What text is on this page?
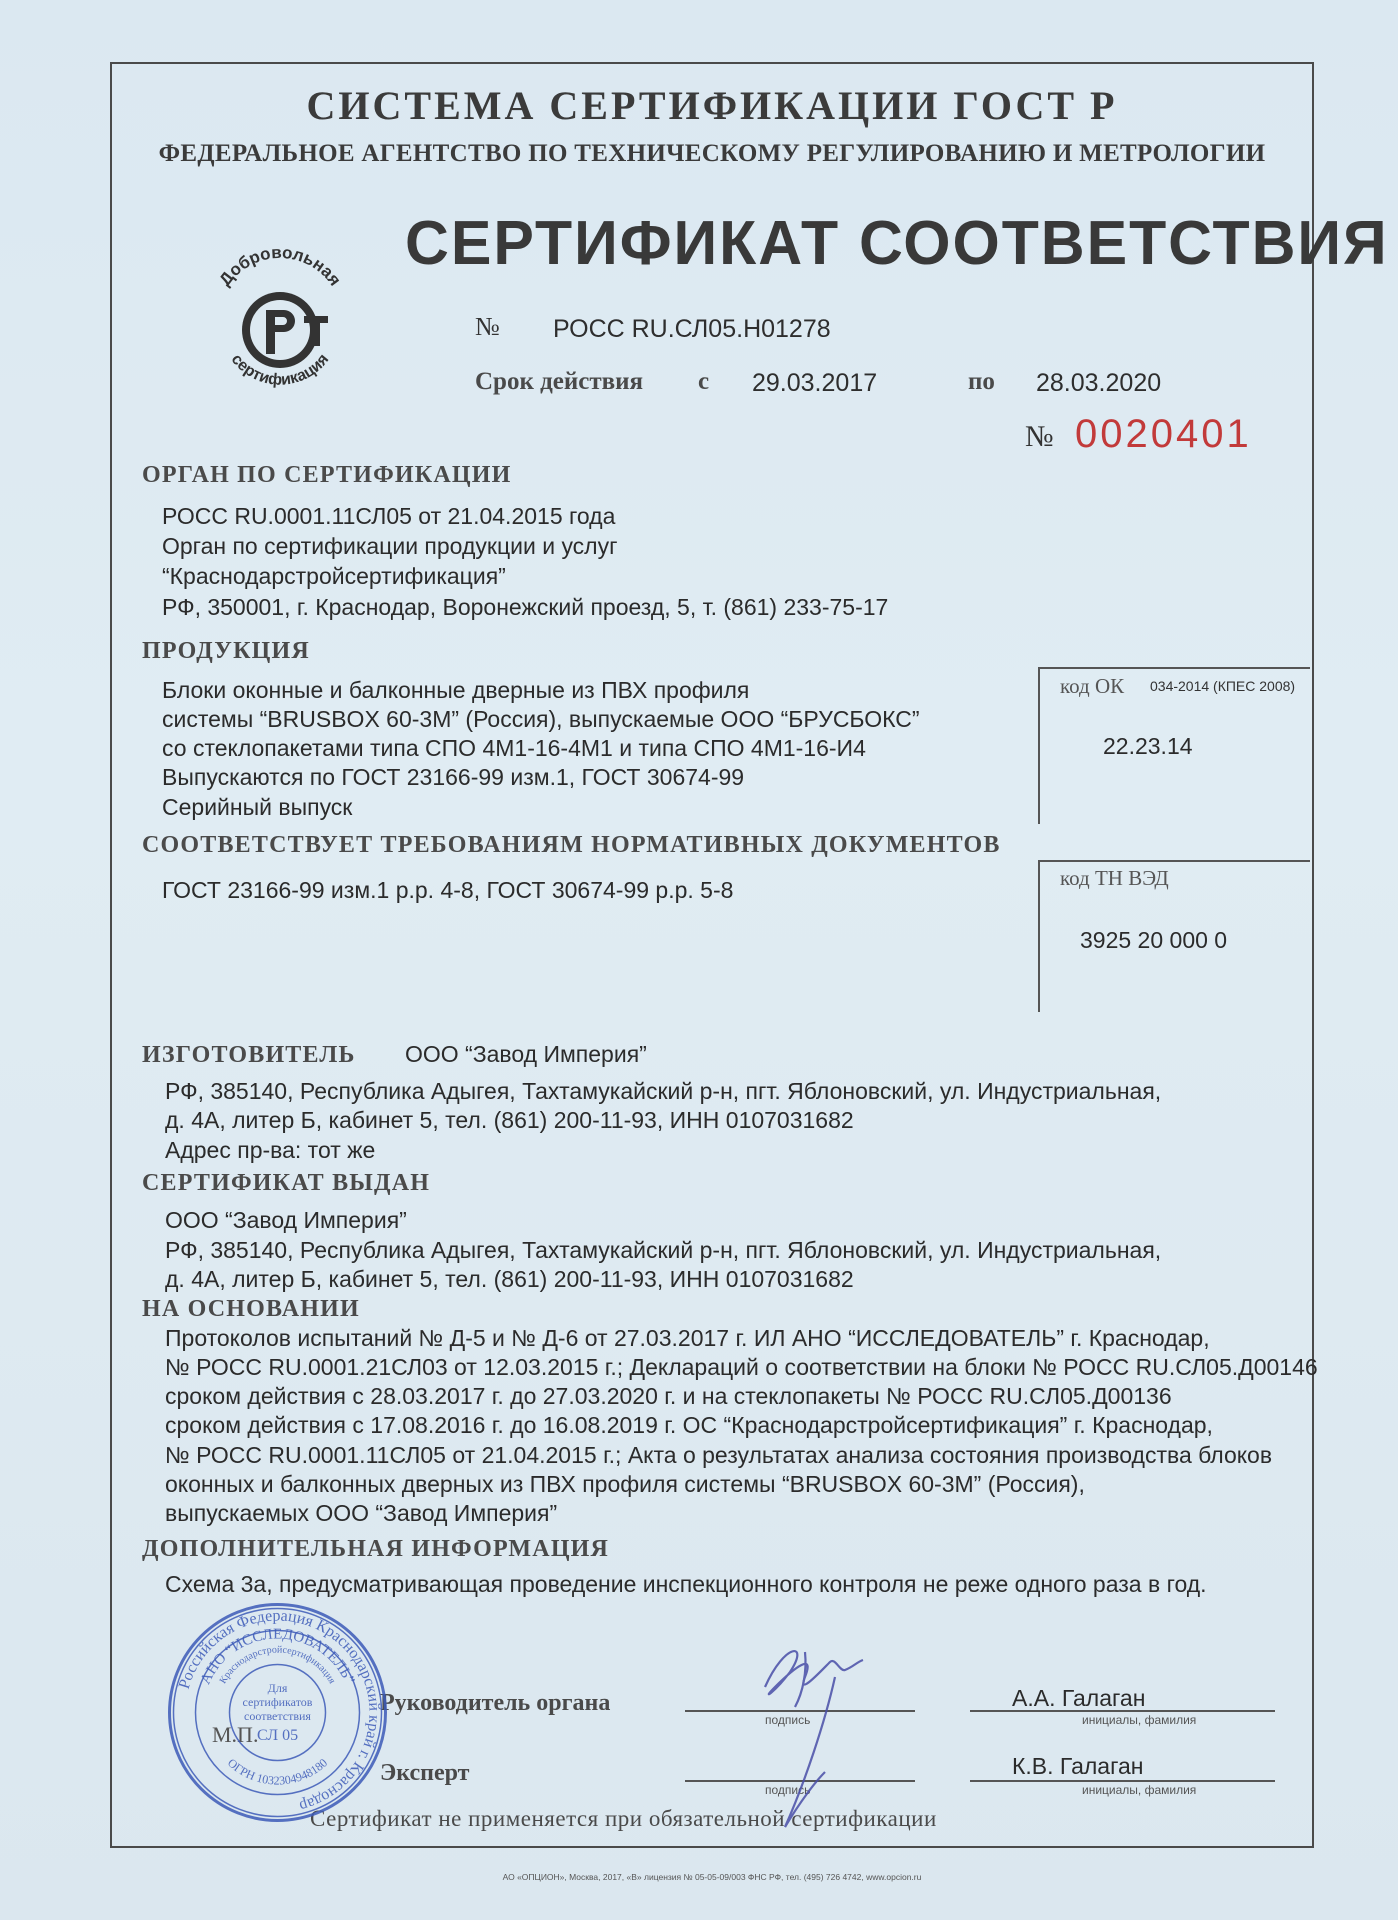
СИСТЕМА СЕРТИФИКАЦИИ ГОСТ Р
ФЕДЕРАЛЬНОЕ АГЕНТСТВО ПО ТЕХНИЧЕСКОМУ РЕГУЛИРОВАНИЮ И МЕТРОЛОГИИ
Добровольная
сертификация
СЕРТИФИКАТ СООТВЕТСТВИЯ
№ РОСС RU.СЛ05.Н01278
Срок действия с 29.03.2017	по 28.03.2020
№ 0020401
ОРГАН ПО СЕРТИФИКАЦИИ
РОСС RU.0001.11СЛ05 от 21.04.2015 года
Орган по сертификации продукции и услуг
“Краснодарстройсертификация”
РФ, 350001, г. Краснодар, Воронежский проезд, 5, т. (861) 233-75-17
ПРОДУКЦИЯ
Блоки оконные и балконные дверные из ПВХ профиля
системы “BRUSBOX 60-3M” (Россия), выпускаемые ООО “БРУСБОКС”
со стеклопакетами типа СПО 4М1-16-4М1 и типа СПО 4М1-16-И4
Выпускаются по ГОСТ 23166-99 изм.1, ГОСТ 30674-99
Серийный выпуск
код ОК 034-2014 (КПЕС 2008)
22.23.14
СООТВЕТСТВУЕТ ТРЕБОВАНИЯМ НОРМАТИВНЫХ ДОКУМЕНТОВ
ГОСТ 23166-99 изм.1 р.р. 4-8, ГОСТ 30674-99 р.р. 5-8	код ТН ВЭД
3925 20 000 0
ИЗГОТОВИТЕЛЬ ООО “Завод Империя”
РФ, 385140, Республика Адыгея, Тахтамукайский р-н, пгт. Яблоновский, ул. Индустриальная,
д. 4А, литер Б, кабинет 5, тел. (861) 200-11-93, ИНН 0107031682
Адрес пр-ва: тот же
СЕРТИФИКАТ ВЫДАН
ООО “Завод Империя”
РФ, 385140, Республика Адыгея, Тахтамукайский р-н, пгт. Яблоновский, ул. Индустриальная,
д. 4А, литер Б, кабинет 5, тел. (861) 200-11-93, ИНН 0107031682
НА ОСНОВАНИИ
Протоколов испытаний № Д-5 и № Д-6 от 27.03.2017 г. ИЛ АНО “ИССЛЕДОВАТЕЛЬ” г. Краснодар,
№ РОСС RU.0001.21СЛ03 от 12.03.2015 г.; Деклараций о соответствии на блоки № РОСС RU.СЛ05.Д00146
сроком действия с 28.03.2017 г. до 27.03.2020 г. и на стеклопакеты № РОСС RU.СЛ05.Д00136
сроком действия с 17.08.2016 г. до 16.08.2019 г. ОС “Краснодарстройсертификация” г. Краснодар,
№ РОСС RU.0001.11СЛ05 от 21.04.2015 г.; Акта о результатах анализа состояния производства блоков
оконных и балконных дверных из ПВХ профиля системы “BRUSBOX 60-3M” (Россия),
выпускаемых ООО “Завод Империя”
ДОПОЛНИТЕЛЬНАЯ ИНФОРМАЦИЯ
Схема 3а, предусматривающая проведение инспекционного контроля не реже одного раза в год.
Руководитель органа
подпись
А.А. Галаган
инициалы, фамилия
М.П.
Эксперт
подпись
К.В. Галаган
инициалы, фамилия
Сертификат не применяется при обязательной сертификации
АО «ОПЦИОН», Москва, 2017, «В» лицензия № 05-05-09/003 ФНС РФ, тел. (495) 726 4742, www.opcion.ru
Российская Федерация Краснодарский край г. Краснодар
АНО “ИССЛЕДОВАТЕЛЬ”
Краснодарстройсертификация
ОГРН 1032304948180
Для
сертификатов
соответствия
СЛ 05
